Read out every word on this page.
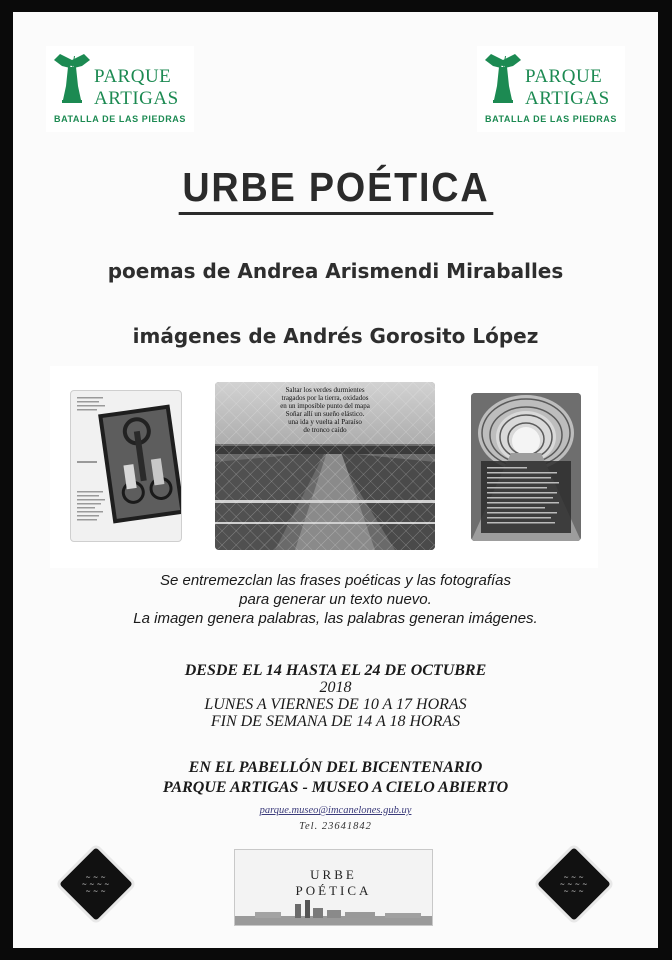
PARQUE
ARTIGAS
BATALLA DE LAS PIEDRAS
PARQUE
ARTIGAS
BATALLA DE LAS PIEDRAS
URBE POÉTICA
poemas de Andrea Arismendi Miraballes
imágenes de Andrés Gorosito López
Saltar los verdes durmientes
tragados por la tierra, oxidados
en un imposible punto del mapa
Soñar allí un sueño elástico.
una ida y vuelta al Paraíso
de tronco caído
Se entremezclan las frases poéticas y las fotografías
para generar un texto nuevo.
La imagen genera palabras, las palabras generan imágenes.
DESDE EL 14 HASTA EL 24 DE OCTUBRE
2018
LUNES A VIERNES DE 10 A 17 HORAS
FIN DE SEMANA DE 14 A 18 HORAS
EN EL PABELLÓN DEL BICENTENARIO
PARQUE ARTIGAS - MUSEO A CIELO ABIERTO
parque.museo@imcanelones.gub.uy
Tel. 23641842
~ ~ ~
~ ~ ~ ~
~ ~ ~
~ ~ ~
~ ~ ~ ~
~ ~ ~
URBE
POÉTICA
